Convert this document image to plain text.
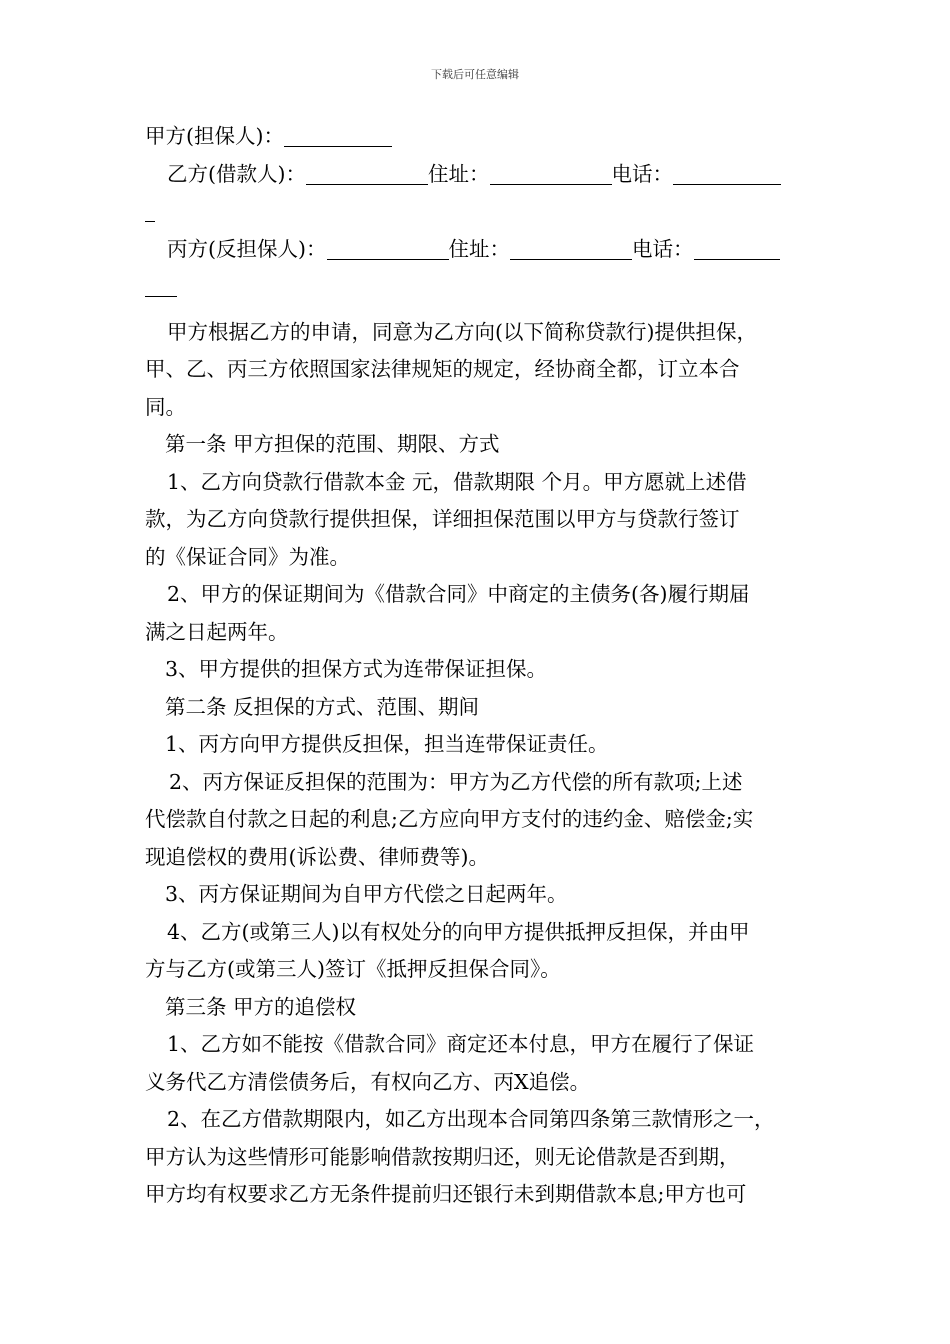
下载后可任意编辑
甲方(担保人)：
乙方(借款人)：	住址：	电话：
丙方(反担保人)：	住址：	电话：
甲方根据乙方的申请，同意为乙方向(以下简称贷款行)提供担保，
甲、乙、丙三方依照国家法律规矩的规定，经协商全都，订立本合
同。
第一条 甲方担保的范围、期限、方式
1、乙方向贷款行借款本金 元，借款期限 个月。甲方愿就上述借
款，为乙方向贷款行提供担保，详细担保范围以甲方与贷款行签订
的《保证合同》为准。
2、甲方的保证期间为《借款合同》中商定的主债务(各)履行期届
满之日起两年。
3、甲方提供的担保方式为连带保证担保。
第二条 反担保的方式、范围、期间
1、丙方向甲方提供反担保，担当连带保证责任。
2、丙方保证反担保的范围为：甲方为乙方代偿的所有款项;上述
代偿款自付款之日起的利息;乙方应向甲方支付的违约金、赔偿金;实
现追偿权的费用(诉讼费、律师费等)。
3、丙方保证期间为自甲方代偿之日起两年。
4、乙方(或第三人)以有权处分的向甲方提供抵押反担保，并由甲
方与乙方(或第三人)签订《抵押反担保合同》。
第三条 甲方的追偿权
1、乙方如不能按《借款合同》商定还本付息，甲方在履行了保证
义务代乙方清偿债务后，有权向乙方、丙X追偿。
2、在乙方借款期限内，如乙方出现本合同第四条第三款情形之一，
甲方认为这些情形可能影响借款按期归还，则无论借款是否到期，
甲方均有权要求乙方无条件提前归还银行未到期借款本息;甲方也可
